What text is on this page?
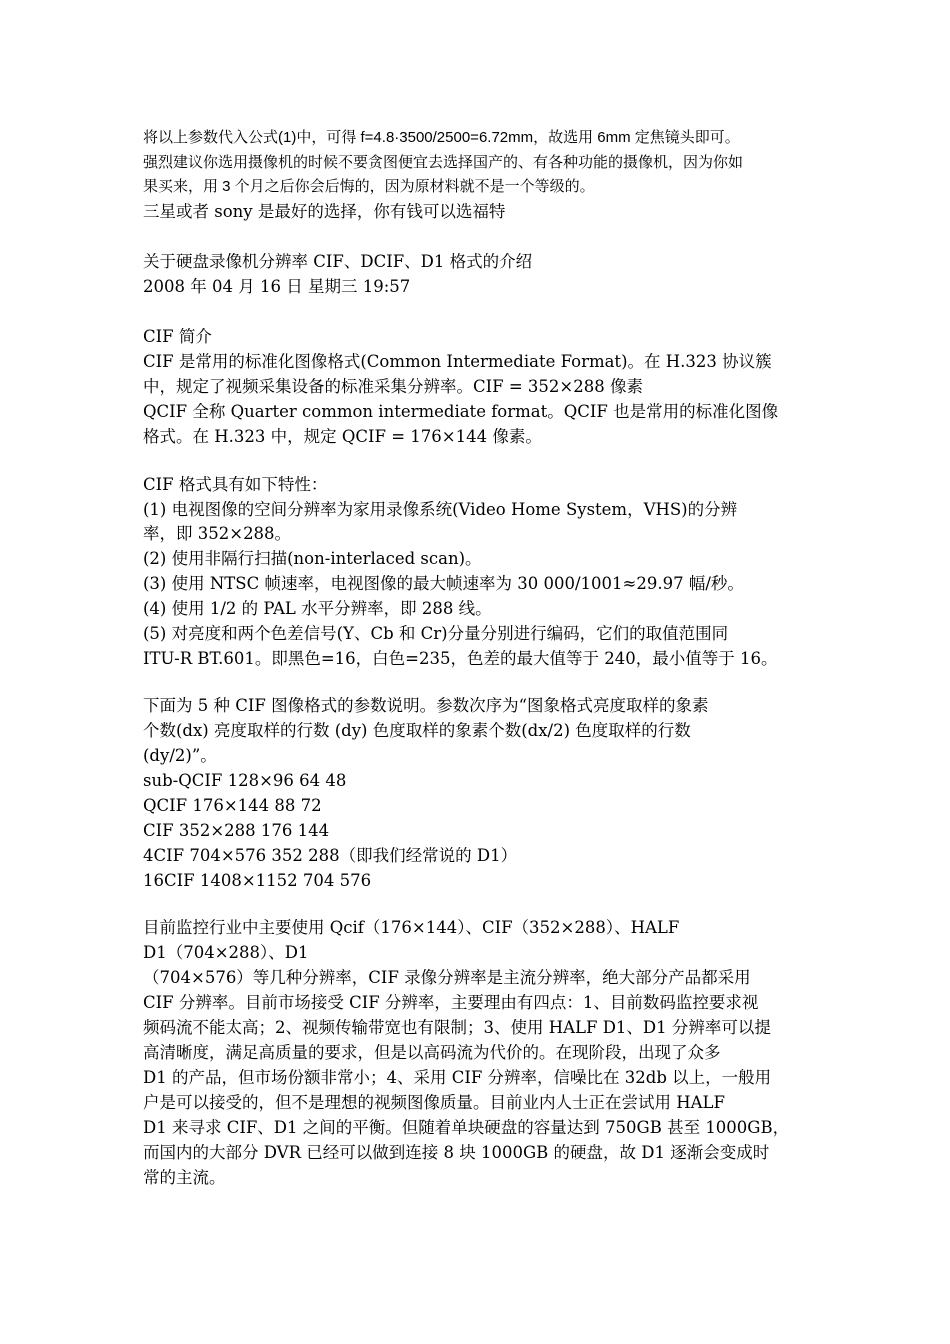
将以上参数代入公式(1)中，可得 f=4.8·3500/2500=6.72mm，故选用 6mm 定焦镜头即可。
强烈建议你选用摄像机的时候不要贪图便宜去选择国产的、有各种功能的摄像机，因为你如
果买来，用 3 个月之后你会后悔的，因为原材料就不是一个等级的。
三星或者 sony 是最好的选择，你有钱可以选福特
关于硬盘录像机分辨率 CIF、DCIF、D1 格式的介绍
2008 年 04 月 16 日 星期三 19:57
CIF 简介
CIF 是常用的标准化图像格式(Common Intermediate Format)。在 H.323 协议簇
中，规定了视频采集设备的标准采集分辨率。CIF = 352×288 像素
QCIF 全称 Quarter common intermediate format。QCIF 也是常用的标准化图像
格式。在 H.323 中，规定 QCIF = 176×144 像素。
CIF 格式具有如下特性：
(1) 电视图像的空间分辨率为家用录像系统(Video Home System，VHS)的分辨
率，即 352×288。
(2) 使用非隔行扫描(non-interlaced scan)。
(3) 使用 NTSC 帧速率，电视图像的最大帧速率为 30 000/1001≈29.97 幅/秒。
(4) 使用 1/2 的 PAL 水平分辨率，即 288 线。
(5) 对亮度和两个色差信号(Y、Cb 和 Cr)分量分别进行编码，它们的取值范围同
ITU-R BT.601。即黑色=16，白色=235，色差的最大值等于 240，最小值等于 16。
下面为 5 种 CIF 图像格式的参数说明。参数次序为“图象格式亮度取样的象素
个数(dx) 亮度取样的行数 (dy) 色度取样的象素个数(dx/2) 色度取样的行数
(dy/2)”。
sub-QCIF 128×96 64 48
QCIF 176×144 88 72
CIF 352×288 176 144
4CIF 704×576 352 288（即我们经常说的 D1）
16CIF 1408×1152 704 576
目前监控行业中主要使用 Qcif（176×144）、CIF（352×288）、HALF
D1（704×288）、D1
（704×576）等几种分辨率，CIF 录像分辨率是主流分辨率，绝大部分产品都采用
CIF 分辨率。目前市场接受 CIF 分辨率，主要理由有四点：1、目前数码监控要求视
频码流不能太高；2、视频传输带宽也有限制；3、使用 HALF D1、D1 分辨率可以提
高清晰度，满足高质量的要求，但是以高码流为代价的。在现阶段，出现了众多
D1 的产品，但市场份额非常小；4、采用 CIF 分辨率，信噪比在 32db 以上，一般用
户是可以接受的，但不是理想的视频图像质量。目前业内人士正在尝试用 HALF
D1 来寻求 CIF、D1 之间的平衡。但随着单块硬盘的容量达到 750GB 甚至 1000GB，
而国内的大部分 DVR 已经可以做到连接 8 块 1000GB 的硬盘，故 D1 逐渐会变成时
常的主流。
